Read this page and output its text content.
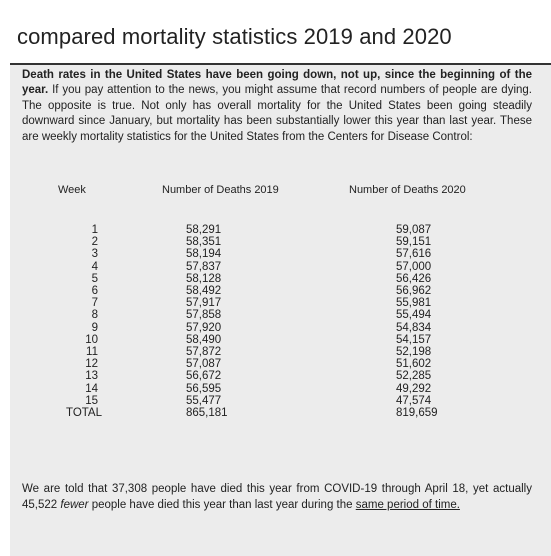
compared mortality statistics 2019 and 2020
Death rates in the United States have been going down, not up, since the beginning of the year. If you pay attention to the news, you might assume that record numbers of people are dying. The opposite is true. Not only has overall mortality for the United States been going steadily downward since January, but mortality has been substantially lower this year than last year. These are weekly mortality statistics for the United States from the Centers for Disease Control:
Week	Number of Deaths 2019	Number of Deaths 2020
1
2
3
4
5
6
7
8
9
10
11
12
13
14
15
TOTAL
58,291
58,351
58,194
57,837
58,128
58,492
57,917
57,858
57,920
58,490
57,872
57,087
56,672
56,595
55,477
865,181
59,087
59,151
57,616
57,000
56,426
56,962
55,981
55,494
54,834
54,157
52,198
51,602
52,285
49,292
47,574
819,659
We are told that 37,308 people have died this year from COVID-19 through April 18, yet actually 45,522 fewer people have died this year than last year during the same period of time.
